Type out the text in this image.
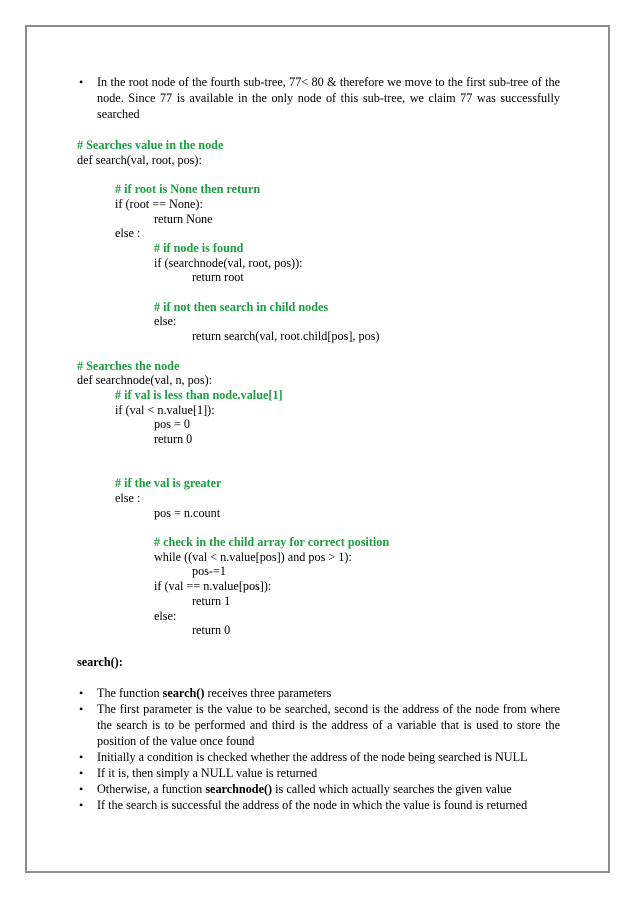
• In the root node of the fourth sub-tree, 77< 80 & therefore we move to the first sub-tree of the node. Since 77 is available in the only node of this sub-tree, we claim 77 was successfully searched
# Searches value in the node
def search(val, root, pos):

# if root is None then return
if (root == None):
return None
else :
# if node is found
if (searchnode(val, root, pos)):
return root

# if not then search in child nodes
else:
return search(val, root.child[pos], pos)

# Searches the node
def searchnode(val, n, pos):
# if val is less than node.value[1]
if (val < n.value[1]):
pos = 0
return 0

# if the val is greater
else :
pos = n.count

# check in the child array for correct position
while ((val < n.value[pos]) and pos > 1):
pos-=1
if (val == n.value[pos]):
return 1
else:
return 0
search():
• The function search() receives three parameters
• The first parameter is the value to be searched, second is the address of the node from where the search is to be performed and third is the address of a variable that is used to store the position of the value once found
• Initially a condition is checked whether the address of the node being searched is NULL
• If it is, then simply a NULL value is returned
• Otherwise, a function searchnode() is called which actually searches the given value
• If the search is successful the address of the node in which the value is found is returned
